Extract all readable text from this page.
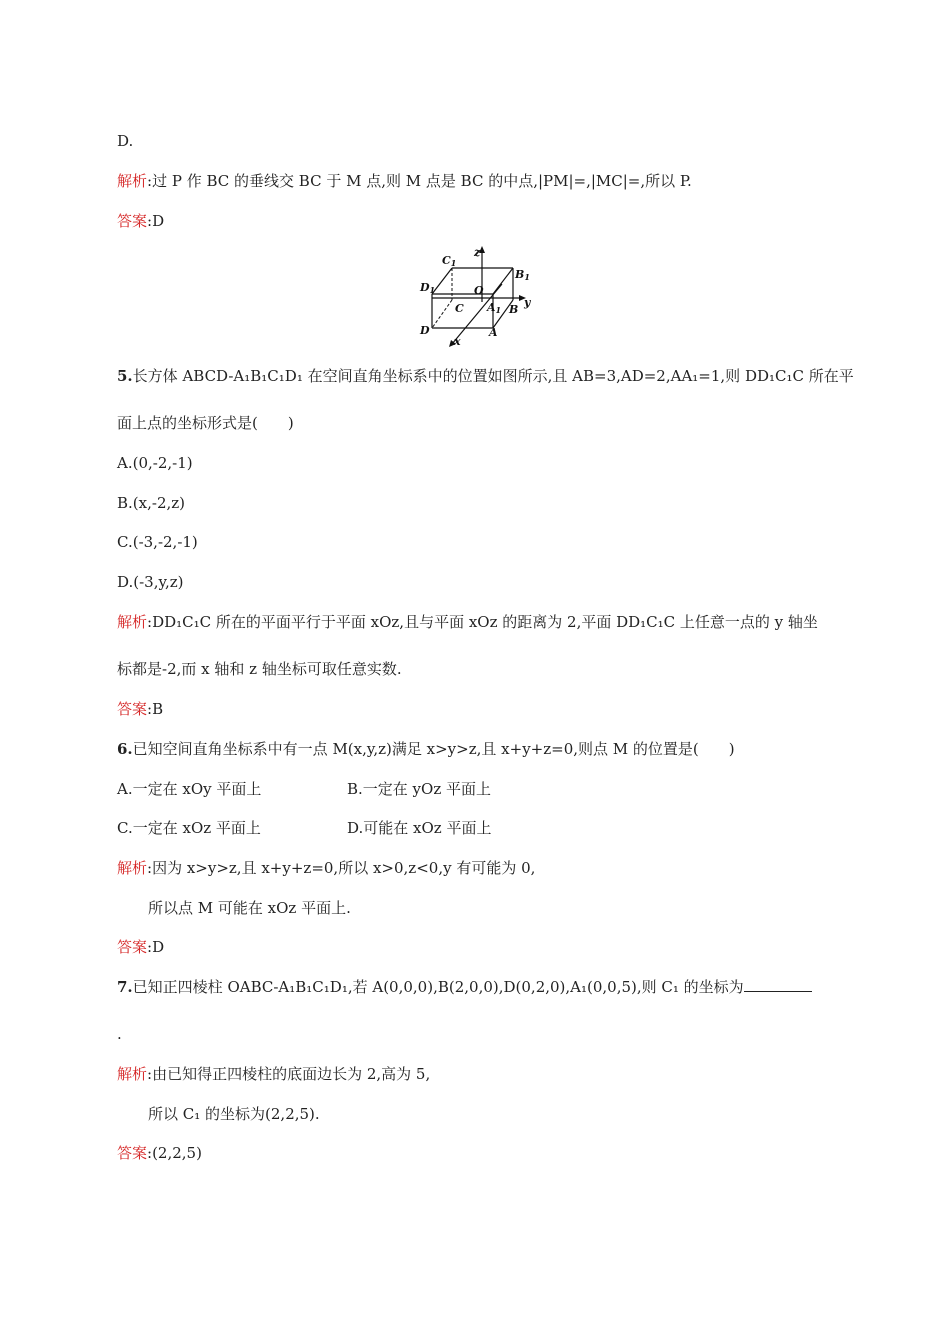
D.
解析:过 P 作 BC 的垂线交 BC 于 M 点,则 M 点是 BC 的中点,|PM|=,|MC|=,所以 P.
答案:D
C1
B1
D1	O
C A1 B
D	A
x
y
z
5.长方体 ABCD-A₁B₁C₁D₁ 在空间直角坐标系中的位置如图所示,且 AB=3,AD=2,AA₁=1,则 DD₁C₁C 所在平
面上点的坐标形式是(　　)
A.(0,-2,-1)
B.(x,-2,z)
C.(-3,-2,-1)
D.(-3,y,z)
解析:DD₁C₁C 所在的平面平行于平面 xOz,且与平面 xOz 的距离为 2,平面 DD₁C₁C 上任意一点的 y 轴坐
标都是-2,而 x 轴和 z 轴坐标可取任意实数.
答案:B
6.已知空间直角坐标系中有一点 M(x,y,z)满足 x>y>z,且 x+y+z=0,则点 M 的位置是(　　)
A.一定在 xOy 平面上	B.一定在 yOz 平面上
C.一定在 xOz 平面上	D.可能在 xOz 平面上
解析:因为 x>y>z,且 x+y+z=0,所以 x>0,z<0,y 有可能为 0,
所以点 M 可能在 xOz 平面上.
答案:D
7.已知正四棱柱 OABC-A₁B₁C₁D₁,若 A(0,0,0),B(2,0,0),D(0,2,0),A₁(0,0,5),则 C₁ 的坐标为
.
解析:由已知得正四棱柱的底面边长为 2,高为 5,
所以 C₁ 的坐标为(2,2,5).
答案:(2,2,5)
